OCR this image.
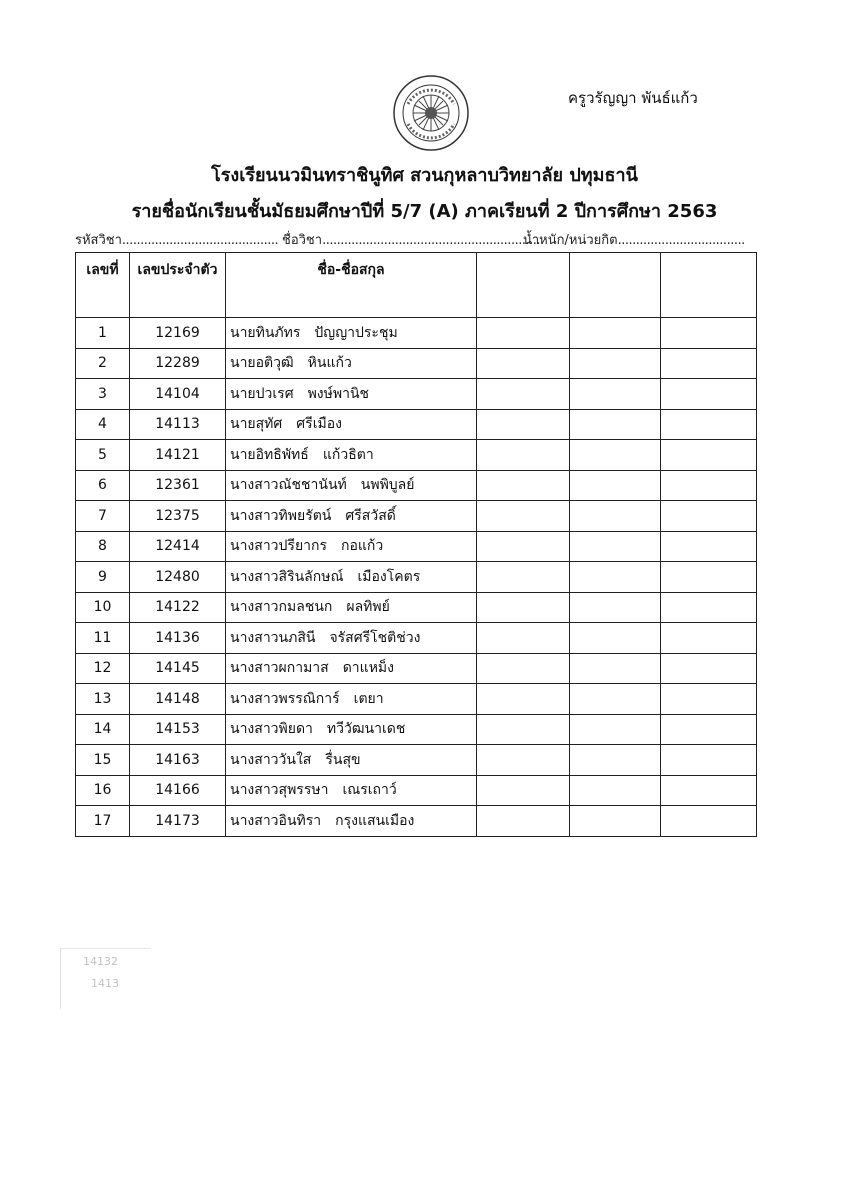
ครูวรัญญา พันธ์แก้ว
โรงเรียนนวมินทราชินูทิศ สวนกุหลาบวิทยาลัย ปทุมธานี
รายชื่อนักเรียนชั้นมัธยมศึกษาปีที่ 5/7 (A) ภาคเรียนที่ 2 ปีการศึกษา 2563
รหัสวิชา........................................... ชื่อวิชา............................................................
น้ำหนัก/หน่วยกิต...................................
เลขที่	เลขประจำตัว	ชื่อ-ชื่อสกุล			
1	12169	นายทินภัทร ปัญญาประชุม			
2	12289	นายอติวุฒิ หินแก้ว			
3	14104	นายปวเรศ พงษ์พานิช			
4	14113	นายสุทัศ ศรีเมือง			
5	14121	นายอิทธิพัทธ์ แก้วธิตา			
6	12361	นางสาวณัชชานันท์ นพพิบูลย์			
7	12375	นางสาวทิพยรัตน์ ศรีสวัสดิ์			
8	12414	นางสาวปรียากร กอแก้ว			
9	12480	นางสาวสิรินลักษณ์ เมืองโคตร			
10	14122	นางสาวกมลชนก ผลทิพย์			
11	14136	นางสาวนภสินี จรัสศรีโชติช่วง			
12	14145	นางสาวผกามาส ดาแหม็ง			
13	14148	นางสาวพรรณิการ์ เตยา			
14	14153	นางสาวพิยดา ทวีวัฒนาเดช			
15	14163	นางสาววันใส รื่นสุข			
16	14166	นางสาวสุพรรษา เณรเถาว์			
17	14173	นางสาวอินทิรา กรุงแสนเมือง			
14132
1413
